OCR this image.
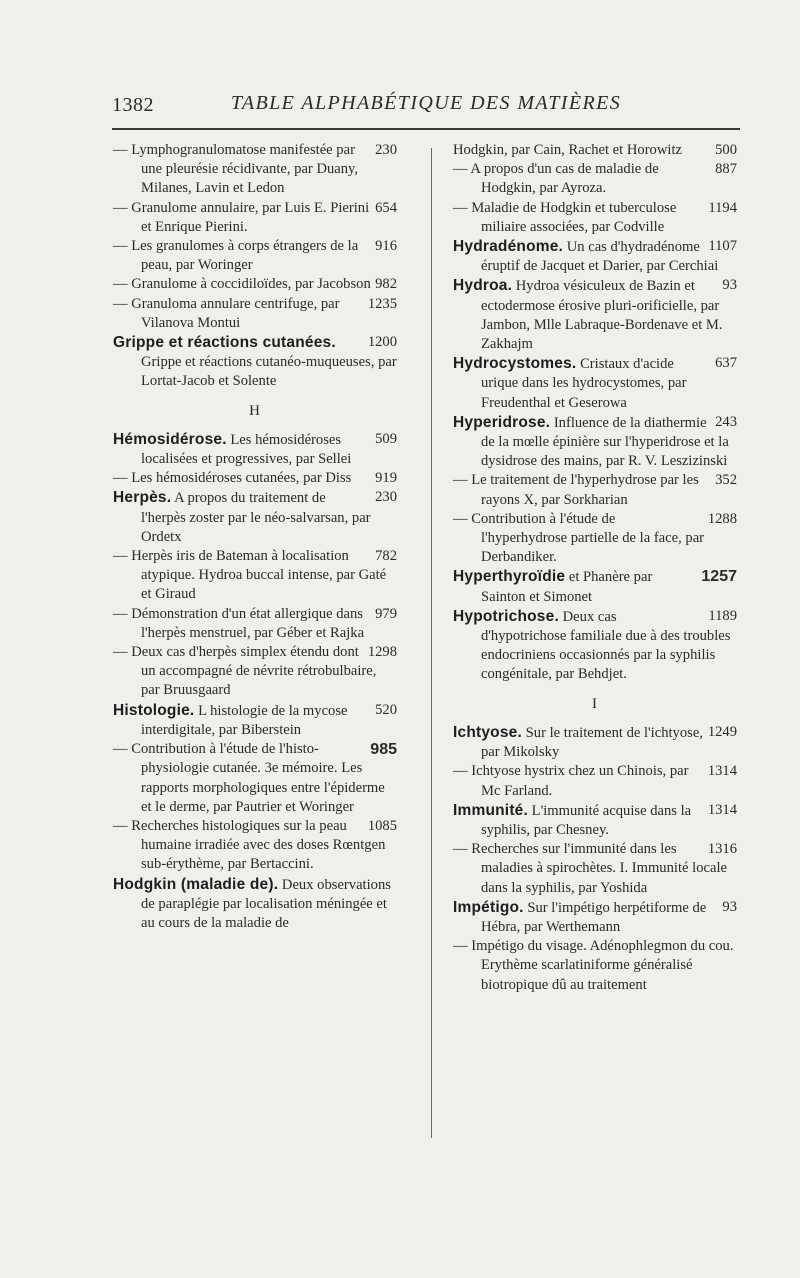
1382	TABLE ALPHABÉTIQUE DES MATIÈRES

230
— Lymphogranulomatose manifestée par une pleurésie récidivante, par Duany, Milanes, Lavin et Ledon

654
— Granulome annulaire, par Luis E. Pierini et Enrique Pierini.

916
— Les granulomes à corps étrangers de la peau, par Woringer

982
— Granulome à coccidiloïdes, par Jacobson

1235
— Granuloma annulare centrifuge, par Vilanova Montui

1200
Grippe et réactions cutanées. Grippe et réactions cutanéo-muqueuses, par Lortat-Jacob et Solente

H

509
Hémosidérose. Les hémosidéroses localisées et progressives, par Sellei

919
— Les hémosidéroses cutanées, par Diss

230
Herpès. A propos du traitement de l'herpès zoster par le néo-salvarsan, par Ordetx

782
— Herpès iris de Bateman à localisation atypique. Hydroa buccal intense, par Gaté et Giraud

979
— Démonstration d'un état allergique dans l'herpès menstruel, par Géber et Rajka

1298
— Deux cas d'herpès simplex étendu dont un accompagné de névrite rétrobulbaire, par Bruusgaard

520
Histologie. L histologie de la mycose interdigitale, par Biberstein

985
— Contribution à l'étude de l'histo-physiologie cutanée. 3e mémoire. Les rapports morphologiques entre l'épiderme et le derme, par Pautrier et Woringer

1085
— Recherches histologiques sur la peau humaine irradiée avec des doses Rœntgen sub-érythème, par Bertaccini.

Hodgkin (maladie de). Deux observations de paraplégie par localisation méningée et au cours de la maladie de

500
Hodgkin, par Cain, Rachet et Horowitz

887
— A propos d'un cas de maladie de Hodgkin, par Ayroza.

1194
— Maladie de Hodgkin et tuberculose miliaire associées, par Codville

1107
Hydradénome. Un cas d'hydradénome éruptif de Jacquet et Darier, par Cerchiai

93
Hydroa. Hydroa vésiculeux de Bazin et ectodermose érosive pluri-orificielle, par Jambon, Mlle Labraque-Bordenave et M. Zakhajm

637
Hydrocystomes. Cristaux d'acide urique dans les hydrocystomes, par Freudenthal et Geserowa

243
Hyperidrose. Influence de la diathermie de la mœlle épinière sur l'hyperidrose et la dysidrose des mains, par R. V. Leszizinski

352
— Le traitement de l'hyperhydrose par les rayons X, par Sorkharian

1288
— Contribution à l'étude de l'hyperhydrose partielle de la face, par Derbandiker.

1257
Hyperthyroïdie et Phanère par Sainton et Simonet

1189
Hypotrichose. Deux cas d'hypotrichose familiale due à des troubles endocriniens occasionnés par la syphilis congénitale, par Behdjet.

I

1249
Ichtyose. Sur le traitement de l'ichtyose, par Mikolsky

1314
— Ichtyose hystrix chez un Chinois, par Mc Farland.

1314
Immunité. L'immunité acquise dans la syphilis, par Chesney.

1316
— Recherches sur l'immunité dans les maladies à spirochètes. I. Immunité locale dans la syphilis, par Yoshida

93
Impétigo. Sur l'impétigo herpétiforme de Hébra, par Werthemann

— Impétigo du visage. Adénophlegmon du cou. Erythème scarlatiniforme généralisé biotropique dû au traitement
